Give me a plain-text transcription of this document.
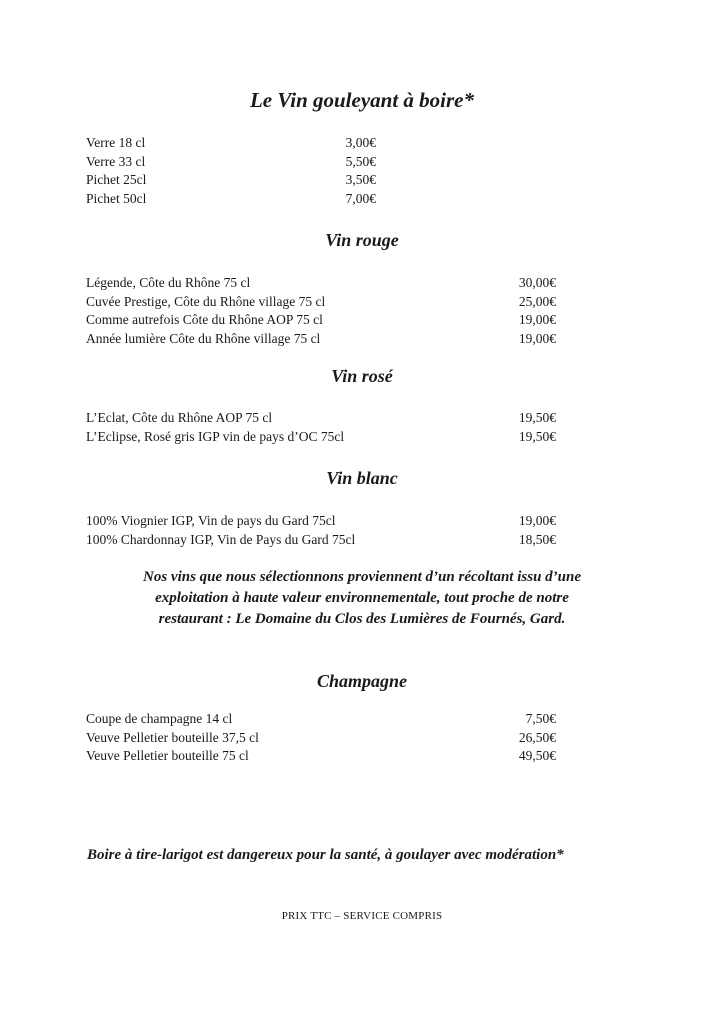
Le Vin gouleyant à boire*
Verre 18 cl	3,00€
Verre 33 cl	5,50€
Pichet 25cl	3,50€
Pichet 50cl	7,00€
Vin rouge
Légende, Côte du Rhône 75 cl	30,00€
Cuvée Prestige, Côte du Rhône village 75 cl	25,00€
Comme autrefois Côte du Rhône AOP 75 cl	19,00€
Année lumière Côte du Rhône village 75 cl	19,00€
Vin rosé
L’Eclat, Côte du Rhône AOP 75 cl	19,50€
L’Eclipse, Rosé gris IGP vin de pays d’OC 75cl	19,50€
Vin blanc
100% Viognier IGP, Vin de pays du Gard 75cl	19,00€
100% Chardonnay IGP, Vin de Pays du Gard 75cl	18,50€
Nos vins que nous sélectionnons proviennent d’un récoltant issu d’une
exploitation à haute valeur environnementale, tout proche de notre
restaurant : Le Domaine du Clos des Lumières de Fournés, Gard.
Champagne
Coupe de champagne 14 cl	7,50€
Veuve Pelletier bouteille 37,5 cl	26,50€
Veuve Pelletier bouteille 75 cl	49,50€
Boire à tire-larigot est dangereux pour la santé, à goulayer avec modération*
PRIX TTC – SERVICE COMPRIS
